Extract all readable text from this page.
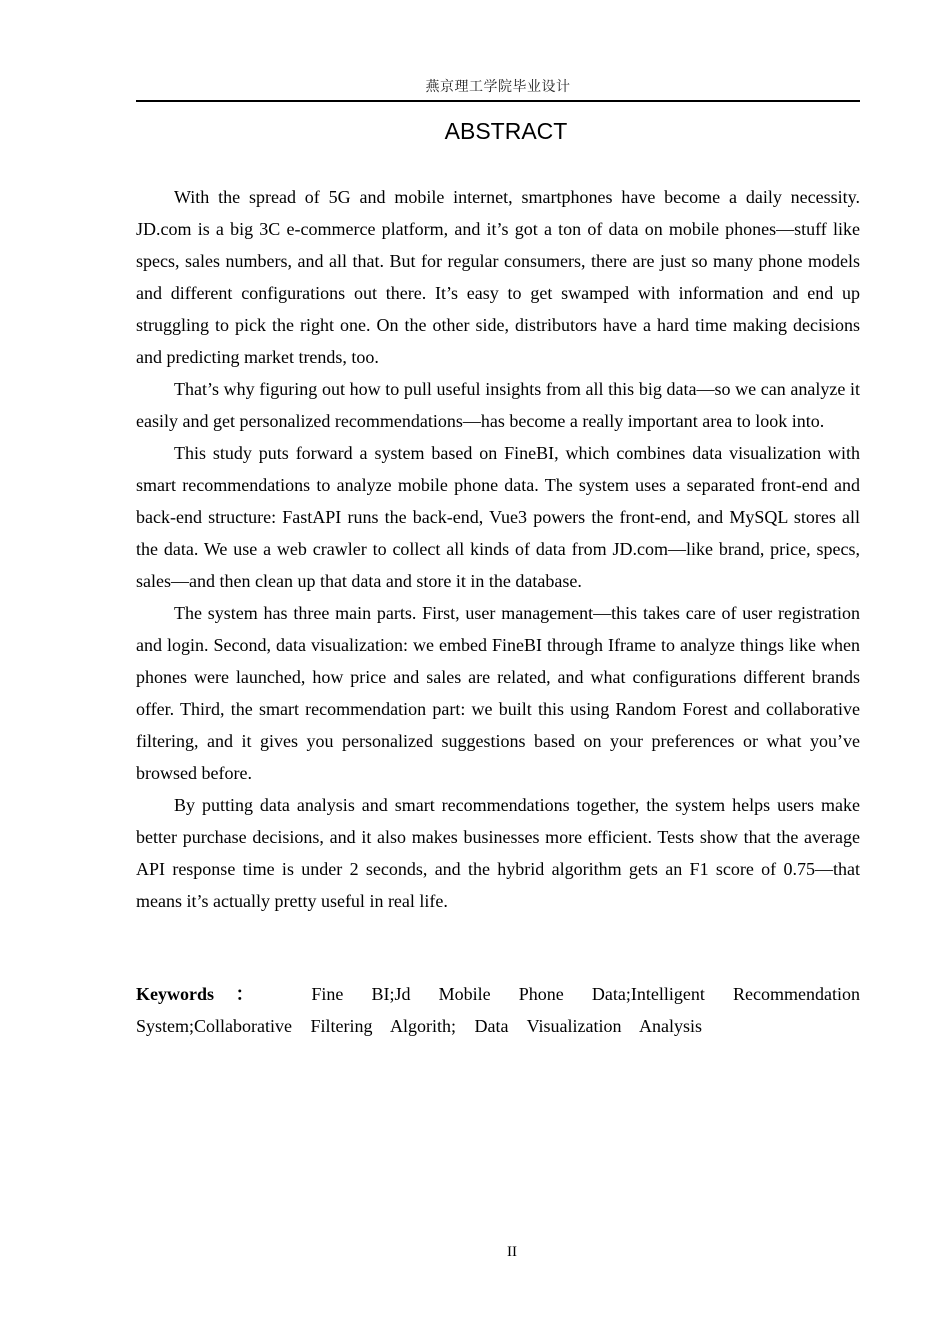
燕京理工学院毕业设计
ABSTRACT

With the spread of 5G and mobile internet, smartphones have become a daily necessity. JD.com is a big 3C e-commerce platform, and it’s got a ton of data on mobile phones—stuff like specs, sales numbers, and all that. But for regular consumers, there are just so many phone models and different configurations out there. It’s easy to get swamped with information and end up struggling to pick the right one. On the other side, distributors have a hard time making decisions and predicting market trends, too.

That’s why figuring out how to pull useful insights from all this big data—so we can analyze it easily and get personalized recommendations—has become a really important area to look into.

This study puts forward a system based on FineBI, which combines data visualization with smart recommendations to analyze mobile phone data. The system uses a separated front-end and back-end structure: FastAPI runs the back-end, Vue3 powers the front-end, and MySQL stores all the data. We use a web crawler to collect all kinds of data from JD.com—like brand, price, specs, sales—and then clean up that data and store it in the database.

The system has three main parts. First, user management—this takes care of user registration and login. Second, data visualization: we embed FineBI through Iframe to analyze things like when phones were launched, how price and sales are related, and what configurations different brands offer. Third, the smart recommendation part: we built this using Random Forest and collaborative filtering, and it gives you personalized suggestions based on your preferences or what you’ve browsed before.

By putting data analysis and smart recommendations together, the system helps users make better purchase decisions, and it also makes businesses more efficient. Tests show that the average API response time is under 2 seconds, and the hybrid algorithm gets an F1 score of 0.75—that means it’s actually pretty useful in real life.

Keywords ：	Fine BI;Jd Mobile Phone Data;Intelligent Recommendation System;Collaborative Filtering Algorith; Data Visualization Analysis

II
